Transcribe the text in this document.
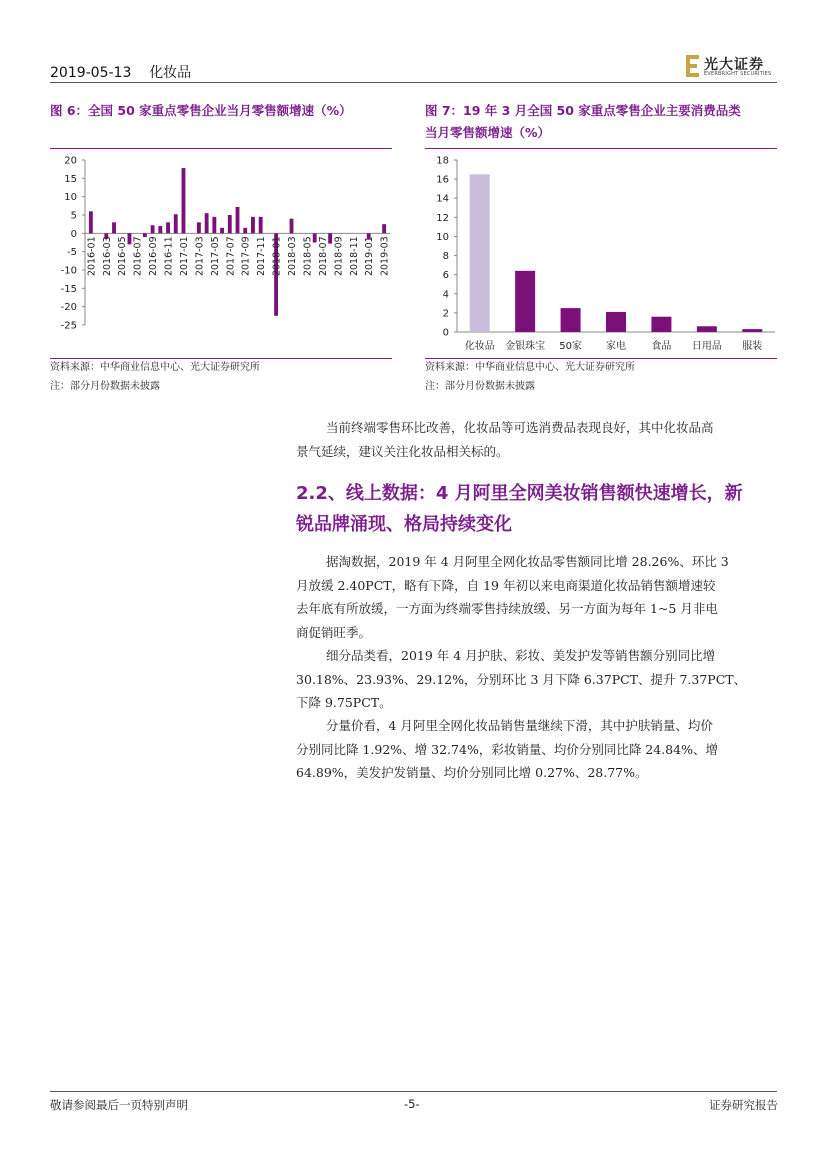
2019-05-13 化妆品	光大证券
EVERBRIGHT SECURITIES
图 6：全国 50 家重点零售企业当月零售额增速（%）
20
15
10
5
0
-5
-10
-15
-20
-25
2016-01 2016-03 2016-05 2016-07 2016-09 2016-11 2017-01 2017-03 2017-05 2017-07 2017-09 2017-11 2018-01 2018-03 2018-05 2018-07 2018-09 2018-11 2019-01 2019-03
资料来源：中华商业信息中心、光大证券研究所
注：部分月份数据未披露
图 7：19 年 3 月全国 50 家重点零售企业主要消费品类
当月零售额增速（%）
18
16
14
12
10
8
6
4
2
0
化妆品 金银珠宝 50家 家电	食品 日用品 服装
资料来源：中华商业信息中心、光大证券研究所
注：部分月份数据未披露
当前终端零售环比改善，化妆品等可选消费品表现良好，其中化妆品高
景气延续，建议关注化妆品相关标的。
2.2、线上数据：4 月阿里全网美妆销售额快速增长，新
锐品牌涌现、格局持续变化
据淘数据，2019 年 4 月阿里全网化妆品零售额同比增 28.26%、环比 3
月放缓 2.40PCT，略有下降，自 19 年初以来电商渠道化妆品销售额增速较
去年底有所放缓，一方面为终端零售持续放缓、另一方面为每年 1~5 月非电
商促销旺季。
细分品类看，2019 年 4 月护肤、彩妆、美发护发等销售额分别同比增
30.18%、23.93%、29.12%，分别环比 3 月下降 6.37PCT、提升 7.37PCT、
下降 9.75PCT。
分量价看，4 月阿里全网化妆品销售量继续下滑，其中护肤销量、均价
分别同比降 1.92%、增 32.74%，彩妆销量、均价分别同比降 24.84%、增
64.89%，美发护发销量、均价分别同比增 0.27%、28.77%。
敬请参阅最后一页特别声明	-5-	证券研究报告
